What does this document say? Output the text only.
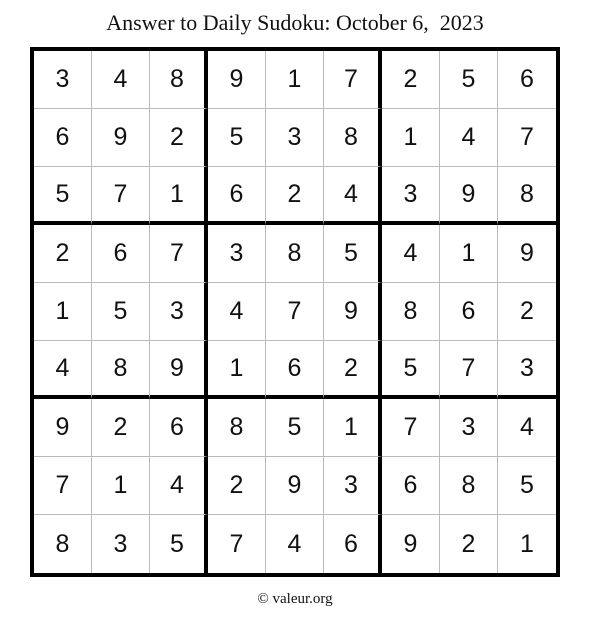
Answer to Daily Sudoku: October 6,  2023
3	4	8	9	1	7	2	5	6
6	9	2	5	3	8	1	4	7
5	7	1	6	2	4	3	9	8
2	6	7	3	8	5	4	1	9
1	5	3	4	7	9	8	6	2
4	8	9	1	6	2	5	7	3
9	2	6	8	5	1	7	3	4
7	1	4	2	9	3	6	8	5
8	3	5	7	4	6	9	2	1
© valeur.org
